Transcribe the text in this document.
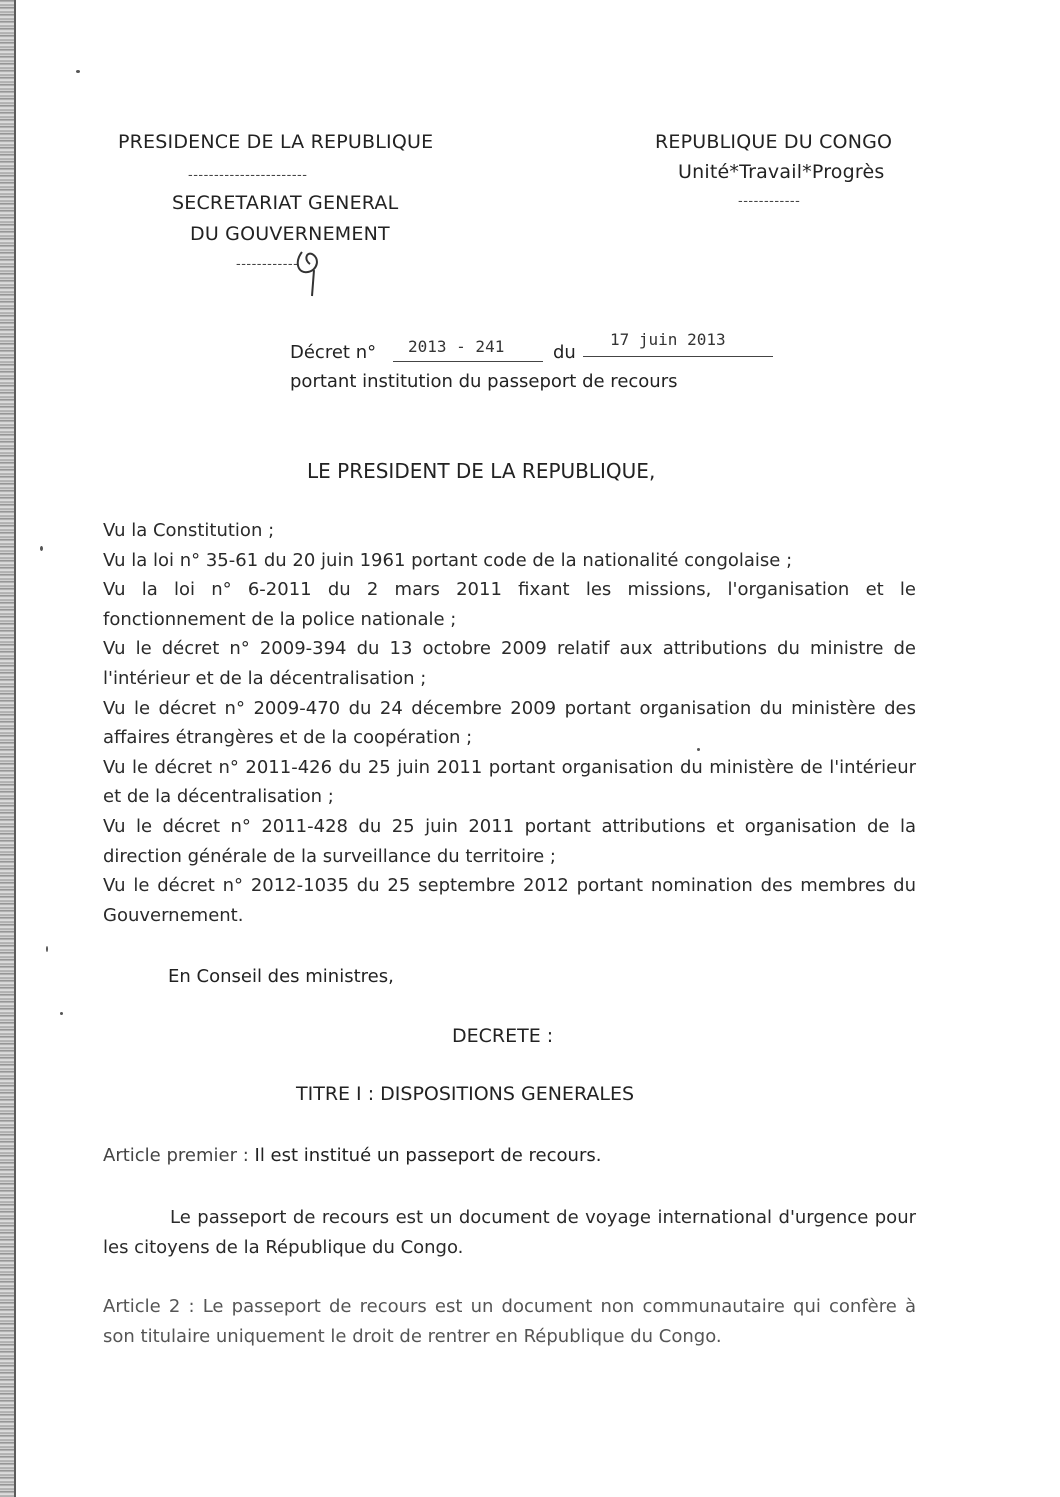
PRESIDENCE DE LA REPUBLIQUE
-----------------------
SECRETARIAT GENERAL
DU GOUVERNEMENT
------------
REPUBLIQUE DU CONGO
Unité*Travail*Progrès
------------
Décret n° 2013 - 241	du
17 juin 2013
portant institution du passeport de recours
LE PRESIDENT DE LA REPUBLIQUE,

Vu la Constitution ;

Vu la loi n° 35-61 du 20 juin 1961 portant code de la nationalité congolaise ;

Vu la loi n° 6-2011 du 2 mars 2011 fixant les missions, l'organisation et le fonctionnement de la police nationale ;

Vu le décret n° 2009-394 du 13 octobre 2009 relatif aux attributions du ministre de l'intérieur et de la décentralisation ;

Vu le décret n° 2009-470 du 24 décembre 2009 portant organisation du ministère des affaires étrangères et de la coopération ;

Vu le décret n° 2011-426 du 25 juin 2011 portant organisation du ministère de l'intérieur et de la décentralisation ;

Vu le décret n° 2011-428 du 25 juin 2011 portant attributions et organisation de la direction générale de la surveillance du territoire ;

Vu le décret n° 2012-1035 du 25 septembre 2012 portant nomination des membres du Gouvernement.

En Conseil des ministres,
DECRETE :
TITRE I : DISPOSITIONS GENERALES
Article premier : Il est institué un passeport de recours.

Le passeport de recours est un document de voyage international d'urgence pour les citoyens de la République du Congo.

Article 2 : Le passeport de recours est un document non communautaire qui confère à son titulaire uniquement le droit de rentrer en République du Congo.
